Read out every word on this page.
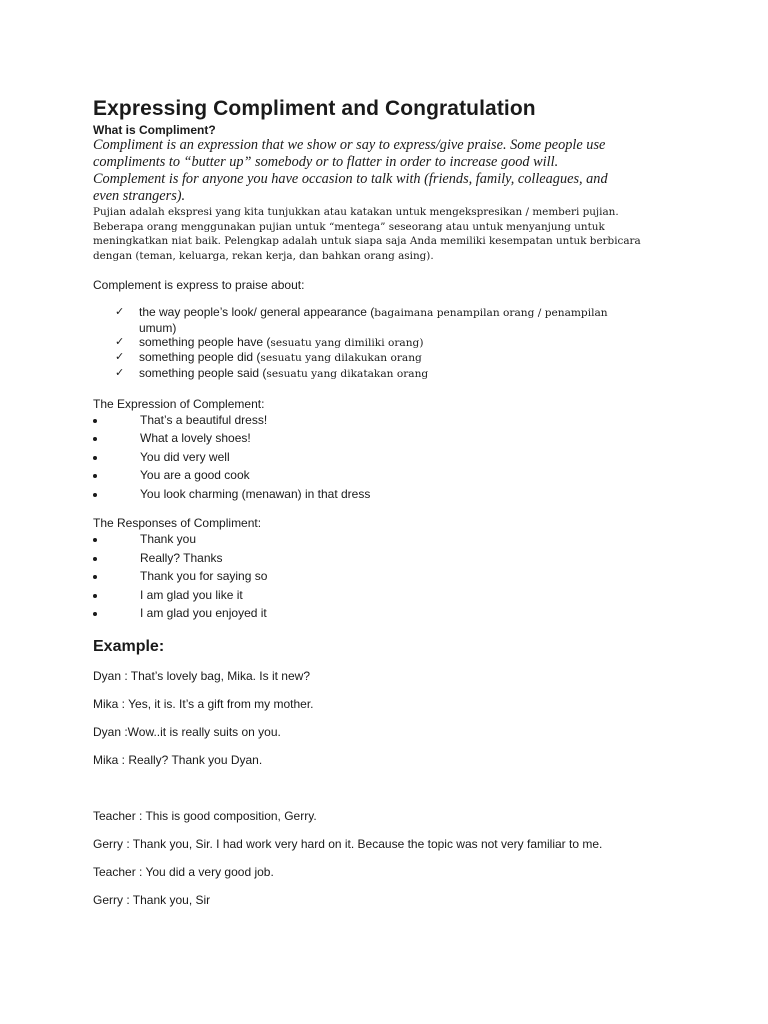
Expressing Compliment and Congratulation

What is Compliment?

Compliment is an expression that we show or say to express/give praise. Some people use

compliments to “butter up” somebody or to flatter in order to increase good will.

Complement is for anyone you have occasion to talk with (friends, family, colleagues, and

even strangers).

Pujian adalah ekspresi yang kita tunjukkan atau katakan untuk mengekspresikan / memberi pujian.

Beberapa orang menggunakan pujian untuk “mentega” seseorang atau untuk menyanjung untuk

meningkatkan niat baik. Pelengkap adalah untuk siapa saja Anda memiliki kesempatan untuk berbicara

dengan (teman, keluarga, rekan kerja, dan bahkan orang asing).

Complement is express to praise about:

✓ the way people’s look/ general appearance (bagaimana penampilan orang / penampilan
umum)
✓ something people have (sesuatu yang dimiliki orang)
✓ something people did (sesuatu yang dilakukan orang
✓ something people said (sesuatu yang dikatakan orang

The Expression of Complement:

That’s a beautiful dress!
What a lovely shoes!
You did very well
You are a good cook
You look charming (menawan) in that dress

The Responses of Compliment:

Thank you
Really? Thanks
Thank you for saying so
I am glad you like it
I am glad you enjoyed it
Example:

Dyan : That’s lovely bag, Mika. Is it new?

Mika : Yes, it is. It’s a gift from my mother.

Dyan :Wow..it is really suits on you.

Mika : Really? Thank you Dyan.

Teacher : This is good composition, Gerry.

Gerry : Thank you, Sir. I had work very hard on it. Because the topic was not very familiar to me.

Teacher : You did a very good job.

Gerry : Thank you, Sir
